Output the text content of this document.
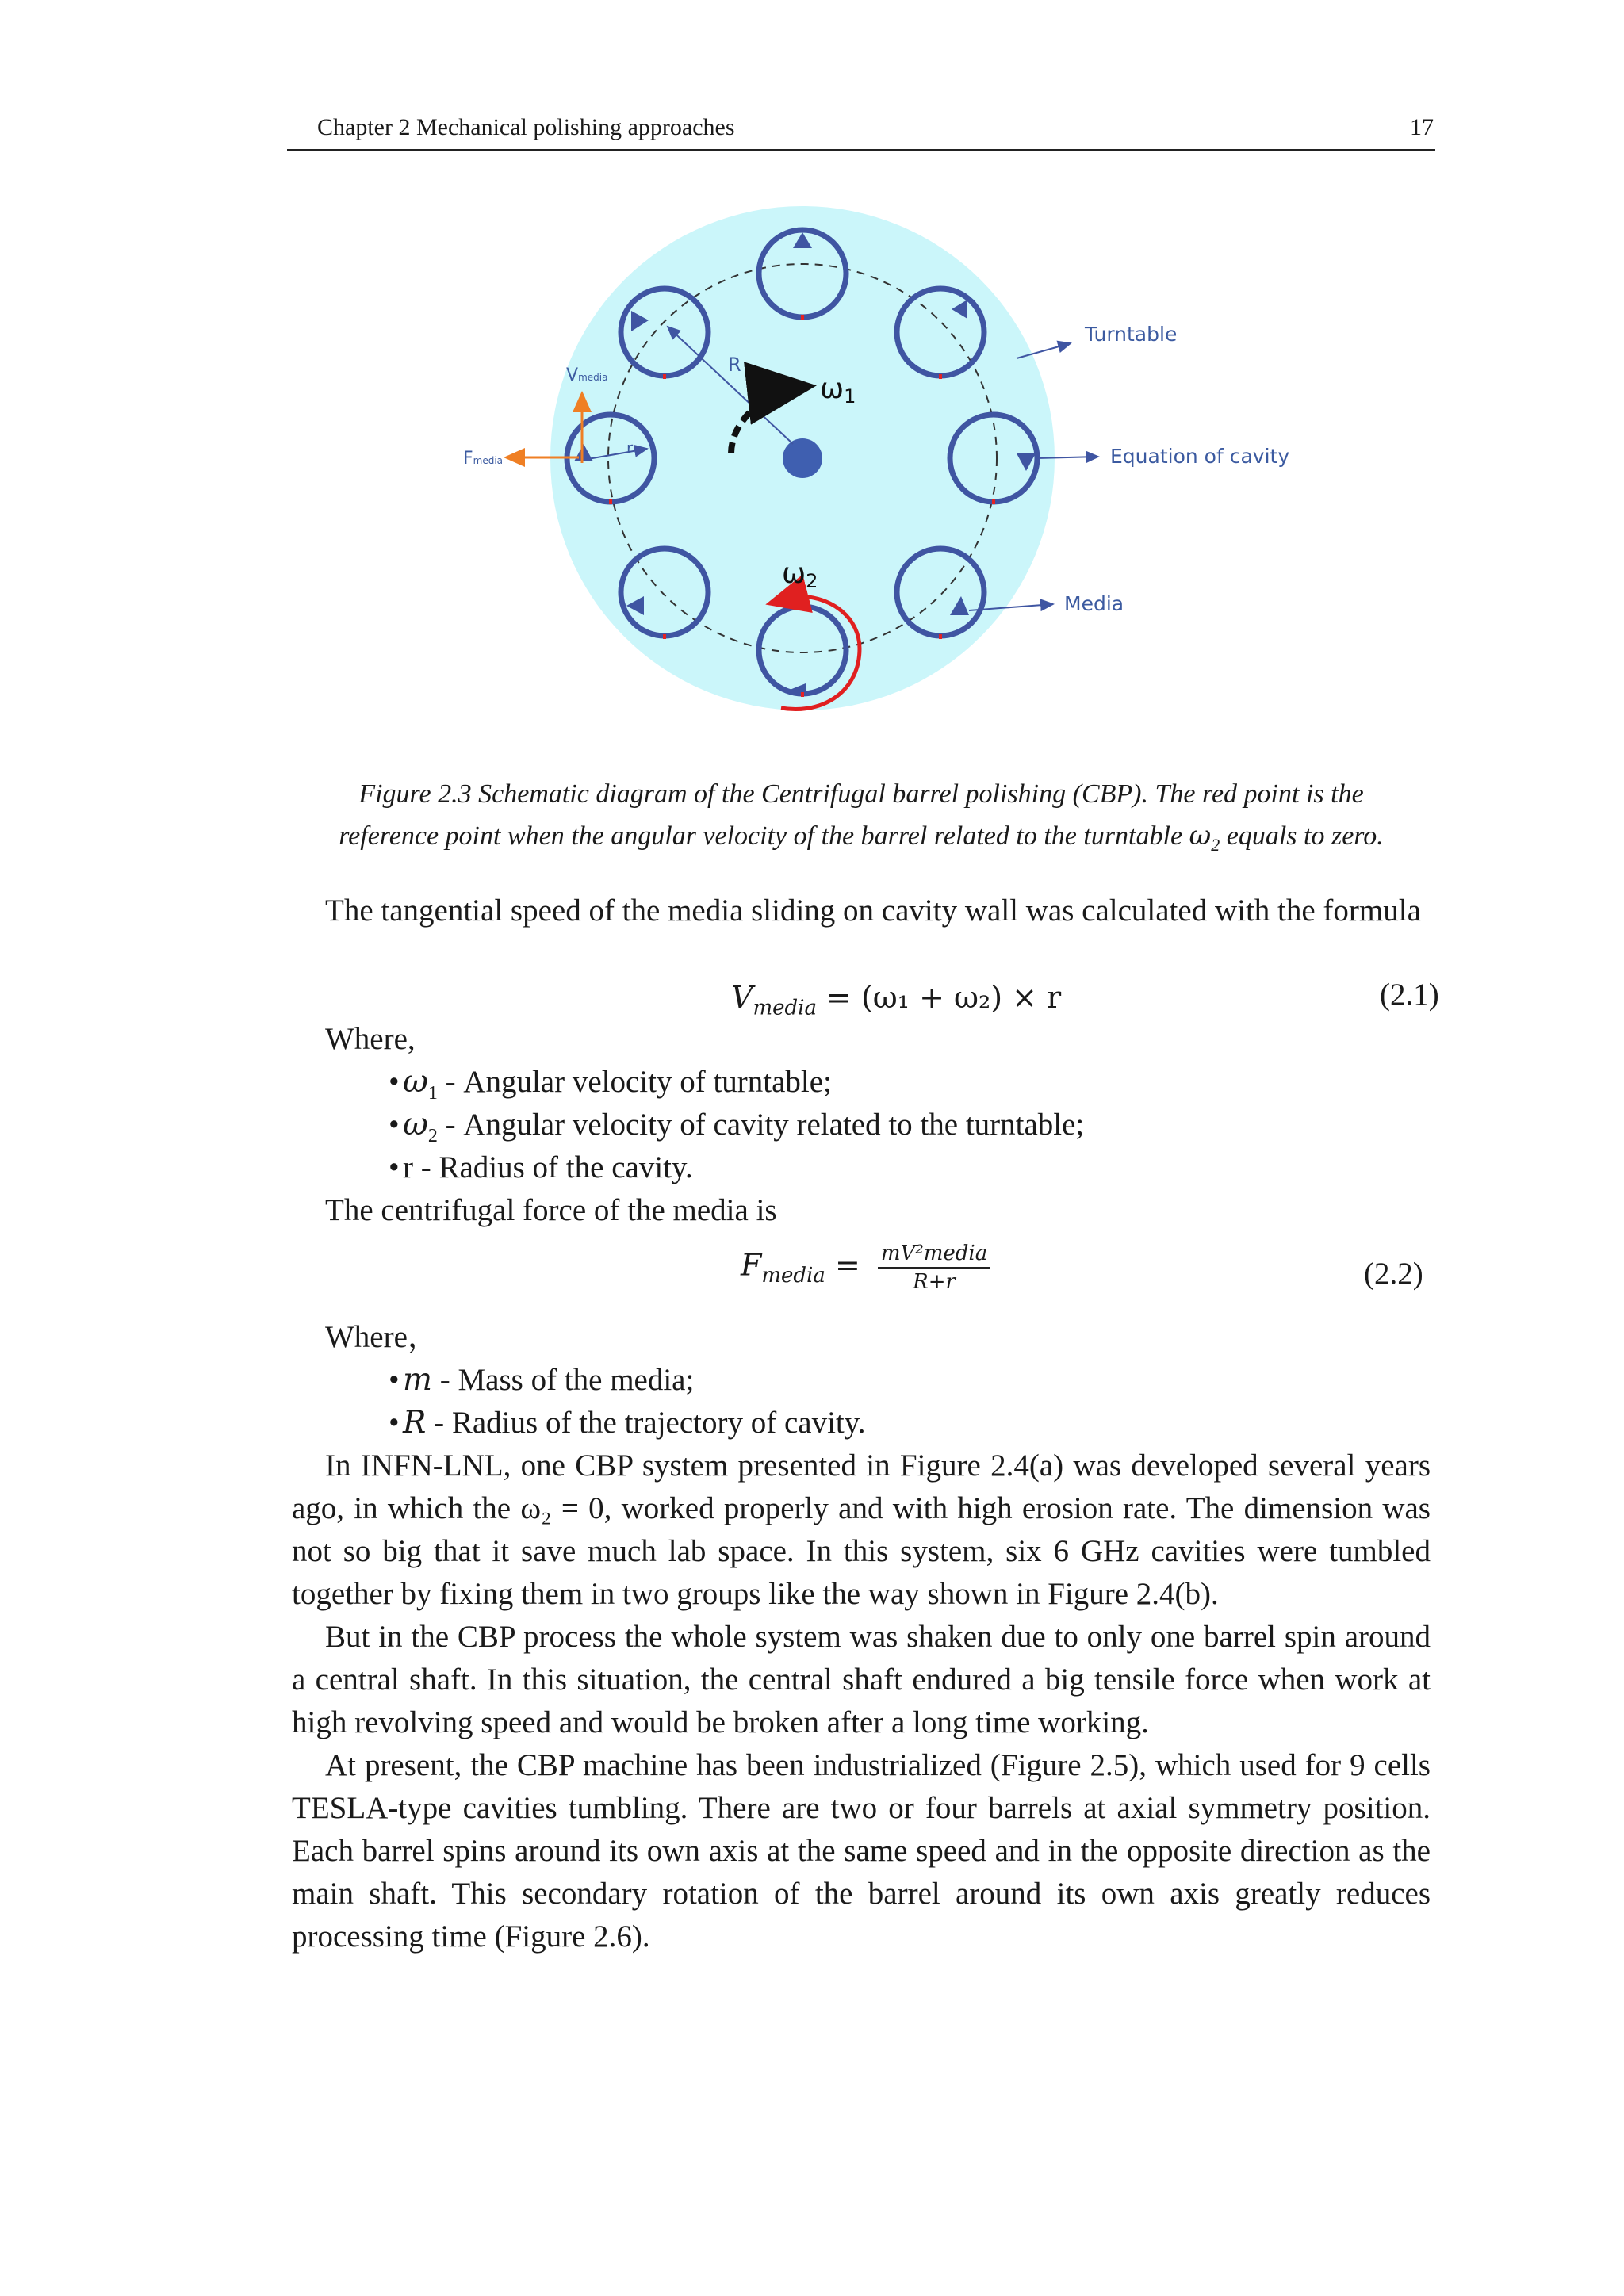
Chapter 2 Mechanical polishing approaches	17
R
r
Vmedia
Fmedia
ω1
ω2
Turntable
Equation of cavity
Media
Figure 2.3 Schematic diagram of the Centrifugal barrel polishing (CBP). The red point is the
reference point when the angular velocity of the barrel related to the turntable $\omega_2$ equals to zero.
The tangential speed of the media sliding on cavity wall was calculated with the formula
$V_{media} = (\omega_1 + \omega_2) \times r$	(2.1)
Where,
• $\omega_1$ - Angular velocity of turntable;
• $\omega_2$ - Angular velocity of cavity related to the turntable;
• r - Radius of the cavity.
The centrifugal force of the media is
$F_{media} = \frac{\text{mV²media}}{R+r}$	(2.2)
Where，
• m - Mass of the media;
• R - Radius of the trajectory of cavity.
In INFN-LNL, one CBP system presented in Figure 2.4(a) was developed several years ago, in which the ω₂ = 0, worked properly and with high erosion rate. The dimension was not so big that it save much lab space. In this system, six 6 GHz cavities were tumbled together by fixing them in two groups like the way shown in Figure 2.4(b).
But in the CBP process the whole system was shaken due to only one barrel spin around a central shaft. In this situation, the central shaft endured a big tensile force when work at high revolving speed and would be broken after a long time working.
At present, the CBP machine has been industrialized (Figure 2.5), which used for 9 cells TESLA-type cavities tumbling. There are two or four barrels at axial symmetry position. Each barrel spins around its own axis at the same speed and in the opposite direction as the main shaft. This secondary rotation of the barrel around its own axis greatly reduces processing time (Figure 2.6).
